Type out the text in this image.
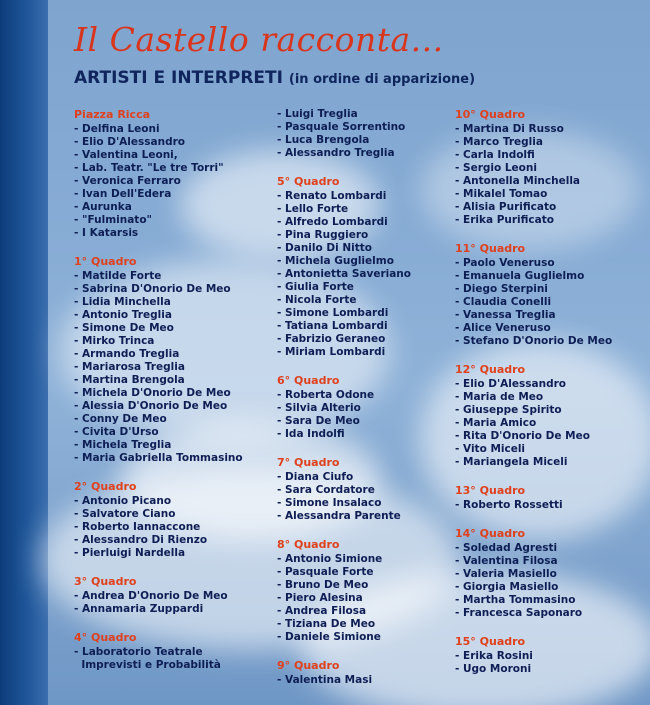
Il Castello racconta...
ARTISTI E INTERPRETI (in ordine di apparizione)
Piazza Ricca
- Delfina Leoni
- Elio D'Alessandro
- Valentina Leoni,
- Lab. Teatr. "Le tre Torri"
- Veronica Ferraro
- Ivan Dell'Edera
- Aurunka
- "Fulminato"
- I Katarsis
1° Quadro
- Matilde Forte
- Sabrina D'Onorio De Meo
- Lidia Minchella
- Antonio Treglia
- Simone De Meo
- Mirko Trinca
- Armando Treglia
- Mariarosa Treglia
- Martina Brengola
- Michela D'Onorio De Meo
- Alessia D'Onorio De Meo
- Conny De Meo
- Civita D'Urso
- Michela Treglia
- Maria Gabriella Tommasino
2° Quadro
- Antonio Picano
- Salvatore Ciano
- Roberto Iannaccone
- Alessandro Di Rienzo
- Pierluigi Nardella
3° Quadro
- Andrea D'Onorio De Meo
- Annamaria Zuppardi
4° Quadro
- Laboratorio Teatrale
Imprevisti e Probabilità
- Luigi Treglia
- Pasquale Sorrentino
- Luca Brengola
- Alessandro Treglia
5° Quadro
- Renato Lombardi
- Lello Forte
- Alfredo Lombardi
- Pina Ruggiero
- Danilo Di Nitto
- Michela Guglielmo
- Antonietta Saveriano
- Giulia Forte
- Nicola Forte
- Simone Lombardi
- Tatiana Lombardi
- Fabrizio Geraneo
- Miriam Lombardi
6° Quadro
- Roberta Odone
- Silvia Alterio
- Sara De Meo
- Ida Indolfi
7° Quadro
- Diana Ciufo
- Sara Cordatore
- Simone Insalaco
- Alessandra Parente
8° Quadro
- Antonio Simione
- Pasquale Forte
- Bruno De Meo
- Piero Alesina
- Andrea Filosa
- Tiziana De Meo
- Daniele Simione
9° Quadro
- Valentina Masi
10° Quadro
- Martina Di Russo
- Marco Treglia
- Carla Indolfi
- Sergio Leoni
- Antonella Minchella
- Mikalel Tomao
- Alisia Purificato
- Erika Purificato
11° Quadro
- Paolo Veneruso
- Emanuela Guglielmo
- Diego Sterpini
- Claudia Conelli
- Vanessa Treglia
- Alice Veneruso
- Stefano D'Onorio De Meo
12° Quadro
- Elio D'Alessandro
- Maria de Meo
- Giuseppe Spirito
- Maria Amico
- Rita D'Onorio De Meo
- Vito Miceli
- Mariangela Miceli
13° Quadro
- Roberto Rossetti
14° Quadro
- Soledad Agresti
- Valentina Filosa
- Valeria Masiello
- Giorgia Masiello
- Martha Tommasino
- Francesca Saponaro
15° Quadro
- Erika Rosini
- Ugo Moroni
